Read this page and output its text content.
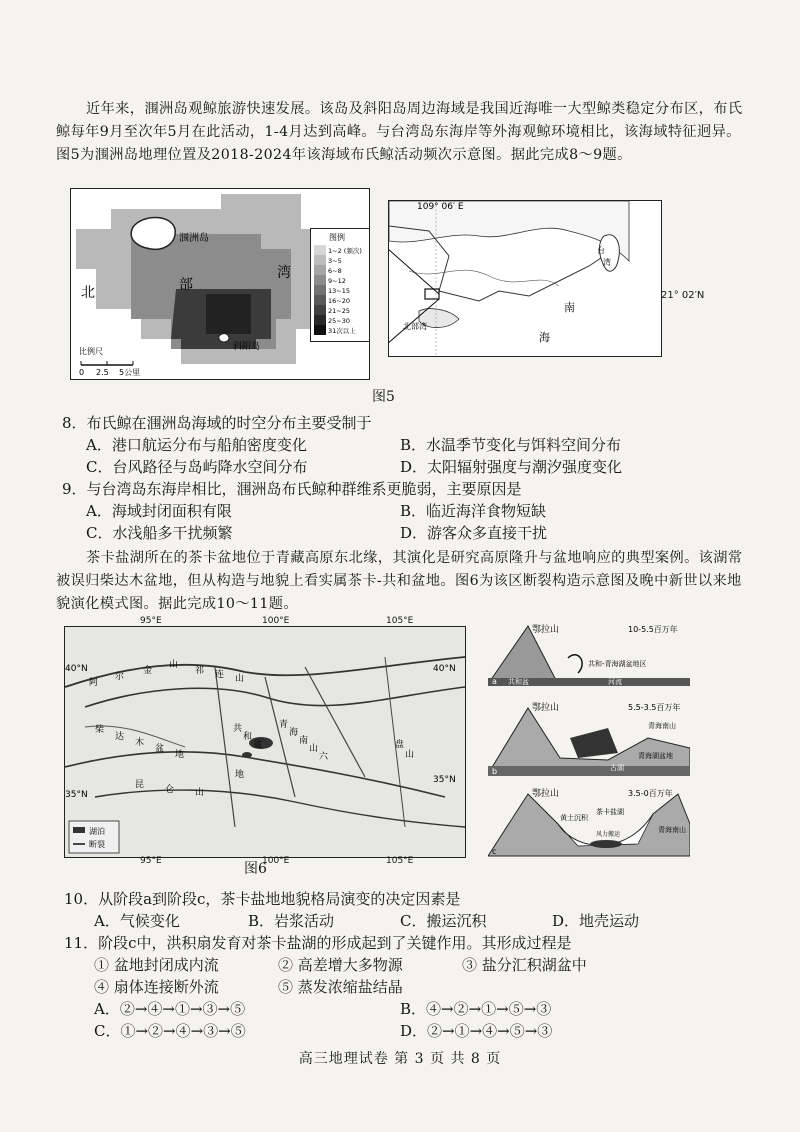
近年来，涠洲岛观鲸旅游快速发展。该岛及斜阳岛周边海域是我国近海唯一大型鲸类稳定分布区，布氏鲸每年9月至次年5月在此活动，1-4月达到高峰。与台湾岛东海岸等外海观鲸环境相比，该海域特征迥异。图5为涠洲岛地理位置及2018-2024年该海域布氏鲸活动频次示意图。据此完成8～9题。
涠洲岛
斜阳岛
北	部
湾
比例尺
0 2.5 5公里
图例
1~2 (频次)
3~5
6~8
9~12
13~15
16~20
21~25
25~30
31次以上
109° 06′ E
台
湾
南
海
北部湾
21° 02′N
图5
8．布氏鲸在涠洲岛海域的时空分布主要受制于
A．港口航运分布与船舶密度变化	B．水温季节变化与饵料空间分布
C．台风路径与岛屿降水空间分布	D．太阳辐射强度与潮汐强度变化
9．与台湾岛东海岸相比，涠洲岛布氏鲸种群维系更脆弱，主要原因是
A．海域封闭面积有限	B．临近海洋食物短缺
C．水浅船多干扰频繁	D．游客众多直接干扰
茶卡盐湖所在的茶卡盆地位于青藏高原东北缘，其演化是研究高原隆升与盆地响应的典型案例。该湖常被误归柴达木盆地，但从构造与地貌上看实属茶卡-共和盆地。图6为该区断裂构造示意图及晚中新世以来地貌演化模式图。据此完成10～11题。
阿
尔
金
山
祁 连 山
柴
达
木
盆
地
昆 仑 山
共
和
盆
地
青
海
南
山
六
盘
山
40°N	40°N
35°N
35°N
湖泊
断裂
95°E	100°E	105°E
95°E	100°E	105°E
鄂拉山	10-5.5百万年
共和-青海湖盆地区
共和盆	河流
a
鄂拉山	5.5-3.5百万年
古湖
青海南山
青海湖盆地
b
鄂拉山	3.5-0百万年
黄土沉积
茶卡盐湖
风力搬运
青海南山
c
图6
10．从阶段a到阶段c，茶卡盐地地貌格局演变的决定因素是
A．气候变化	B．岩浆活动	C．搬运沉积	D．地壳运动
11．阶段c中，洪积扇发育对茶卡盐湖的形成起到了关键作用。其形成过程是
① 盆地封闭成内流	② 高差增大多物源	③ 盐分汇积湖盆中
④ 扇体连接断外流	⑤ 蒸发浓缩盐结晶
A．②→④→①→③→⑤	B．④→②→①→⑤→③
C．①→②→④→③→⑤	D．②→①→④→⑤→③
高三地理试卷 第 3 页 共 8 页
